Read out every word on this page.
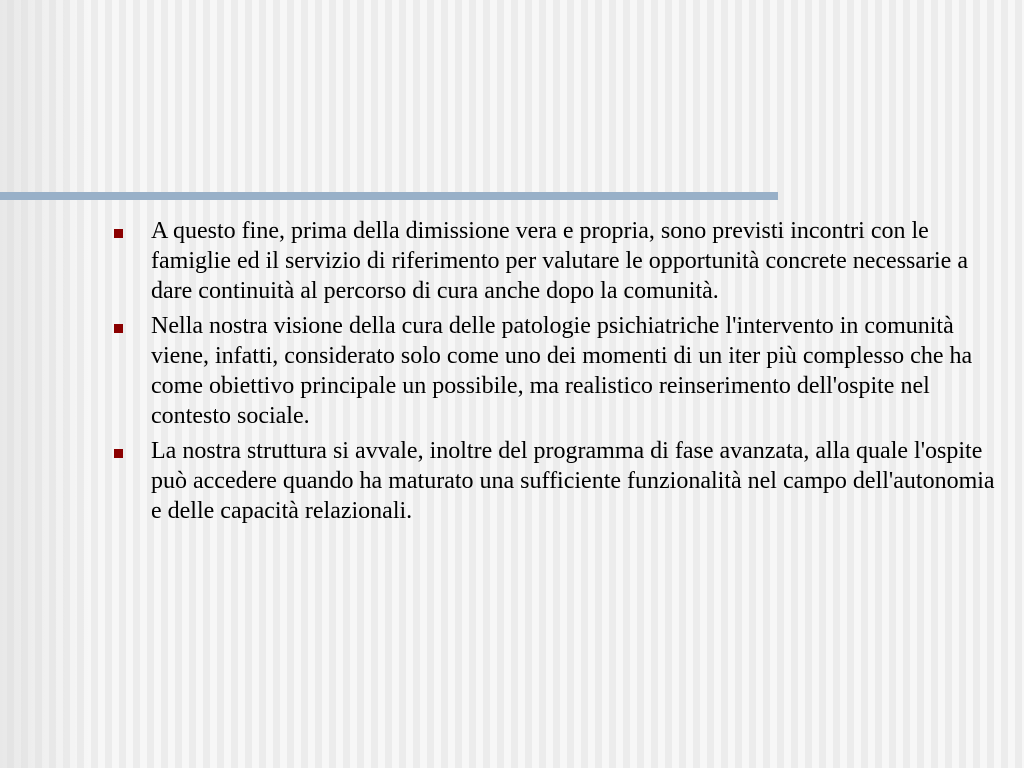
A questo fine, prima della dimissione vera e propria, sono previsti incontri con le famiglie ed il servizio di riferimento per valutare le opportunità concrete necessarie a dare continuità al percorso di cura anche dopo la comunità.
Nella nostra visione della cura delle patologie psichiatriche l'intervento in comunità viene, infatti, considerato solo come uno dei momenti di un iter più complesso che ha come obiettivo principale un possibile, ma realistico reinserimento dell'ospite nel contesto sociale.
La nostra struttura si avvale, inoltre del programma di fase avanzata, alla quale l'ospite può accedere quando ha maturato una sufficiente funzionalità nel campo dell'autonomia e delle capacità relazionali.
